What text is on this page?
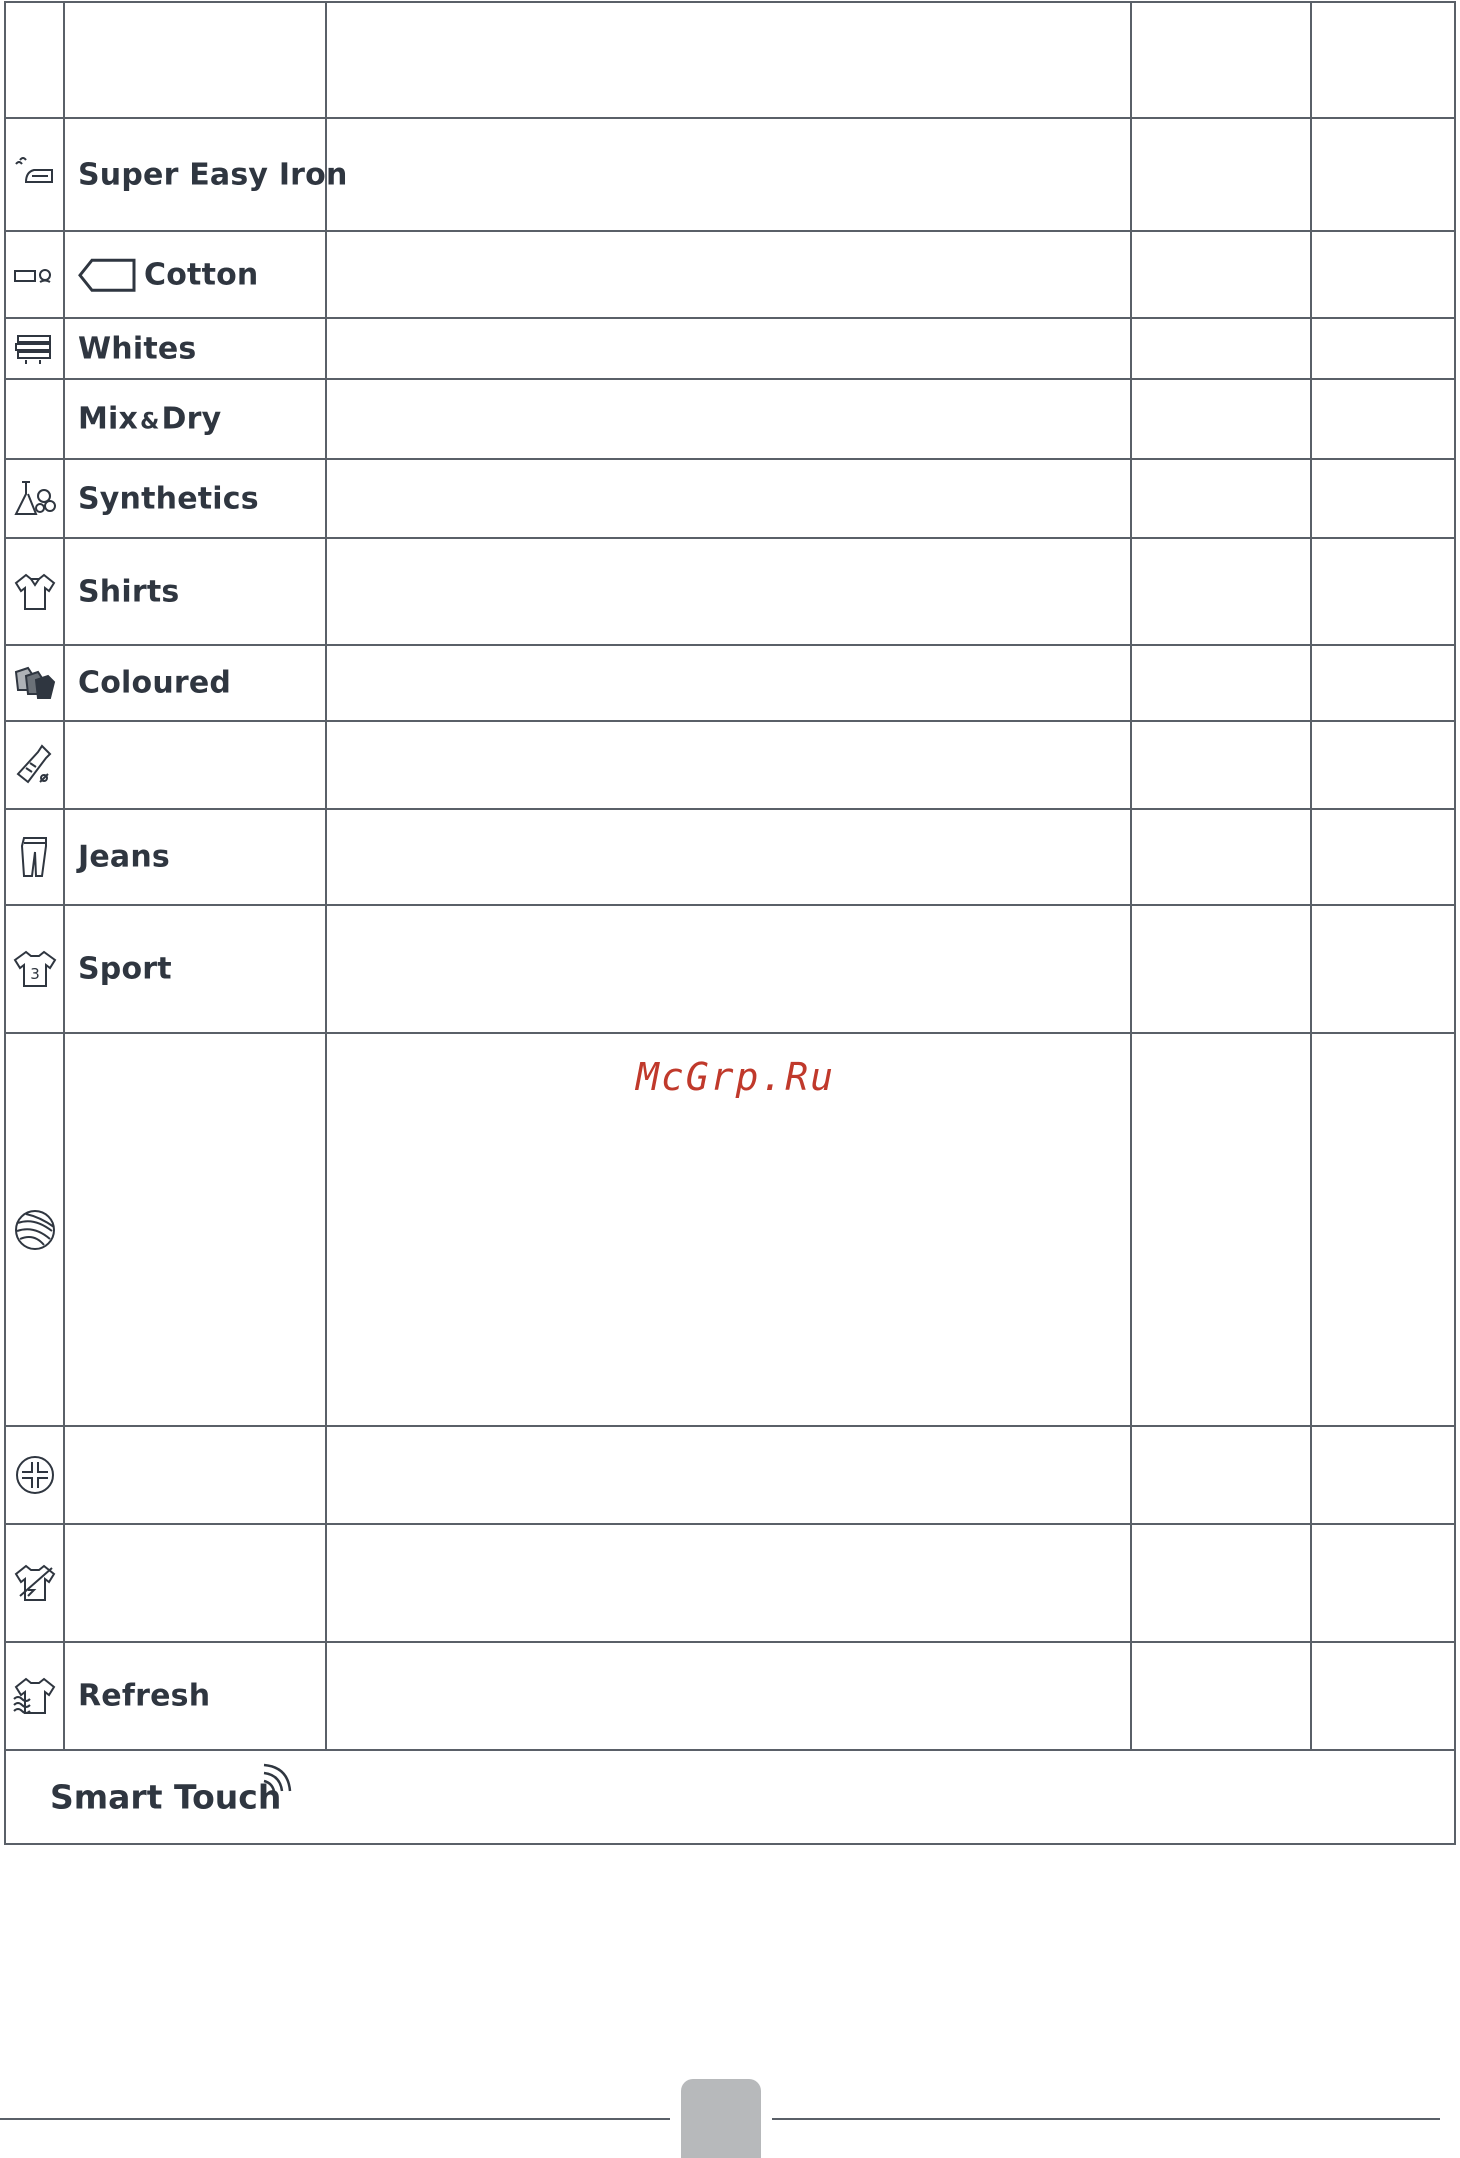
Super Easy Iron
Cotton
Whites
Mix&Dry
Synthetics
Shirts
Coloured
Jeans
3 Sport
Refresh
Smart Touch
McGrp.Ru
